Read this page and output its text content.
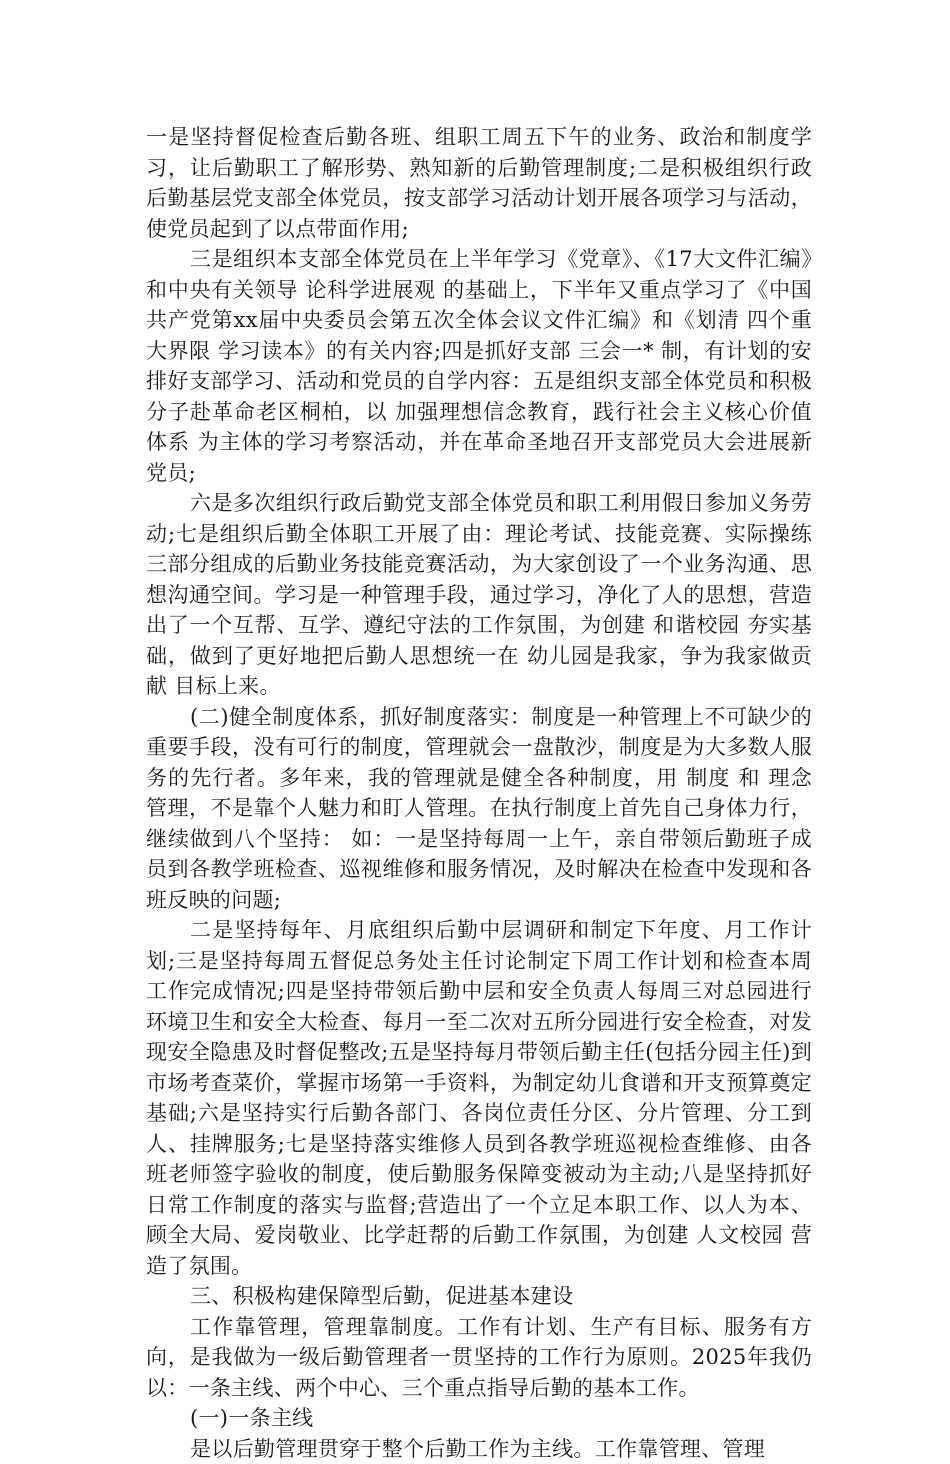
一是坚持督促检查后勤各班、组职工周五下午的业务、政治和制度学习，让后勤职工了解形势、熟知新的后勤管理制度;二是积极组织行政后勤基层党支部全体党员，按支部学习活动计划开展各项学习与活动，使党员起到了以点带面作用;

三是组织本支部全体党员在上半年学习《党章》、《17大文件汇编》和中央有关领导 论科学进展观 的基础上，下半年又重点学习了《中国共产党第xx届中央委员会第五次全体会议文件汇编》和《划清 四个重大界限 学习读本》的有关内容;四是抓好支部 三会一* 制，有计划的安排好支部学习、活动和党员的自学内容：五是组织支部全体党员和积极分子赴革命老区桐柏，以 加强理想信念教育，践行社会主义核心价值体系 为主体的学习考察活动，并在革命圣地召开支部党员大会进展新党员;

六是多次组织行政后勤党支部全体党员和职工利用假日参加义务劳动;七是组织后勤全体职工开展了由：理论考试、技能竞赛、实际操练三部分组成的后勤业务技能竞赛活动，为大家创设了一个业务沟通、思想沟通空间。学习是一种管理手段，通过学习，净化了人的思想，营造出了一个互帮、互学、遵纪守法的工作氛围，为创建 和谐校园 夯实基础，做到了更好地把后勤人思想统一在 幼儿园是我家，争为我家做贡献 目标上来。

(二)健全制度体系，抓好制度落实：制度是一种管理上不可缺少的重要手段，没有可行的制度，管理就会一盘散沙，制度是为大多数人服务的先行者。多年来，我的管理就是健全各种制度，用 制度 和 理念 管理，不是靠个人魅力和盯人管理。在执行制度上首先自己身体力行，继续做到八个坚持： 如：一是坚持每周一上午，亲自带领后勤班子成员到各教学班检查、巡视维修和服务情况，及时解决在检查中发现和各班反映的问题;

二是坚持每年、月底组织后勤中层调研和制定下年度、月工作计划;三是坚持每周五督促总务处主任讨论制定下周工作计划和检查本周工作完成情况;四是坚持带领后勤中层和安全负责人每周三对总园进行环境卫生和安全大检查、每月一至二次对五所分园进行安全检查，对发现安全隐患及时督促整改;五是坚持每月带领后勤主任(包括分园主任)到市场考查菜价，掌握市场第一手资料，为制定幼儿食谱和开支预算奠定基础;六是坚持实行后勤各部门、各岗位责任分区、分片管理、分工到人、挂牌服务;七是坚持落实维修人员到各教学班巡视检查维修、由各班老师签字验收的制度，使后勤服务保障变被动为主动;八是坚持抓好日常工作制度的落实与监督;营造出了一个立足本职工作、以人为本、顾全大局、爱岗敬业、比学赶帮的后勤工作氛围，为创建 人文校园 营造了氛围。

三、积极构建保障型后勤，促进基本建设

工作靠管理，管理靠制度。工作有计划、生产有目标、服务有方向，是我做为一级后勤管理者一贯坚持的工作行为原则。2025年我仍以：一条主线、两个中心、三个重点指导后勤的基本工作。

(一)一条主线

是以后勤管理贯穿于整个后勤工作为主线。工作靠管理、管理
